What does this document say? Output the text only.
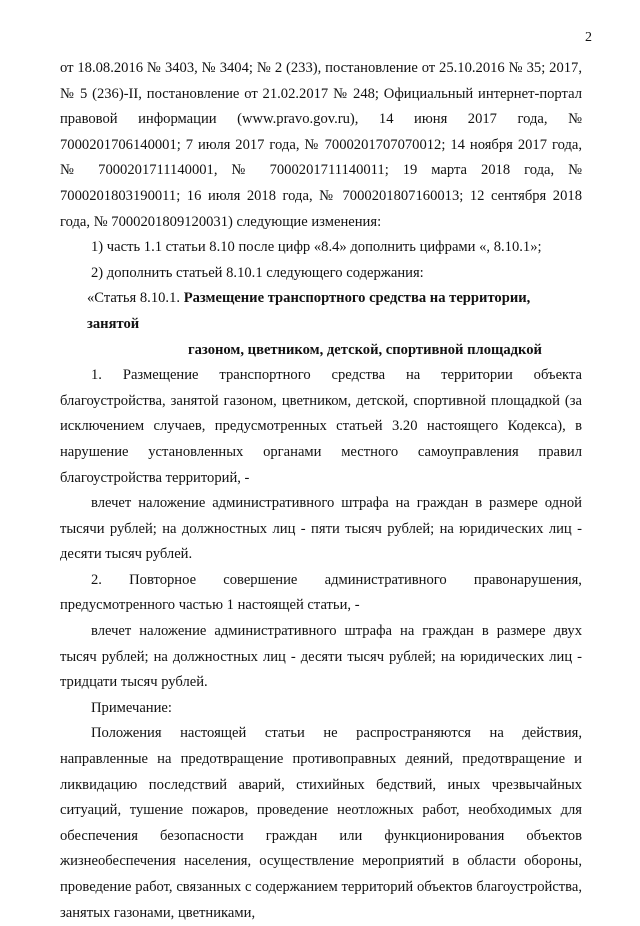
2

от 18.08.2016 № 3403, № 3404; № 2 (233), постановление от 25.10.2016 № 35; 2017, № 5 (236)-II, постановление от 21.02.2017 № 248; Официальный интернет-портал правовой информации (www.pravo.gov.ru), 14 июня 2017 года, № 7000201706140001; 7 июля 2017 года, № 7000201707070012; 14 ноября 2017 года, № 7000201711140001, № 7000201711140011; 19 марта 2018 года, № 7000201803190011; 16 июля 2018 года, № 7000201807160013; 12 сентября 2018 года, № 7000201809120031) следующие изменения:

1) часть 1.1 статьи 8.10 после цифр «8.4» дополнить цифрами «, 8.10.1»;

2) дополнить статьей 8.10.1 следующего содержания:

«Статья 8.10.1. Размещение транспортного средства на территории, занятой
газоном, цветником, детской, спортивной площадкой

1. Размещение транспортного средства на территории объекта благоустройства, занятой газоном, цветником, детской, спортивной площадкой (за исключением случаев, предусмотренных статьей 3.20 настоящего Кодекса), в нарушение установленных органами местного самоуправления правил благоустройства территорий, -

влечет наложение административного штрафа на граждан в размере одной тысячи рублей; на должностных лиц - пяти тысяч рублей; на юридических лиц - десяти тысяч рублей.

2. Повторное совершение административного правонарушения,

предусмотренного частью 1 настоящей статьи, -

влечет наложение административного штрафа на граждан в размере двух тысяч рублей; на должностных лиц - десяти тысяч рублей; на юридических лиц - тридцати тысяч рублей.

Примечание:

Положения настоящей статьи не распространяются на действия, направленные на предотвращение противоправных деяний, предотвращение и ликвидацию последствий аварий, стихийных бедствий, иных чрезвычайных ситуаций, тушение пожаров, проведение неотложных работ, необходимых для обеспечения безопасности граждан или функционирования объектов жизнеобеспечения населения, осуществление мероприятий в области обороны, проведение работ, связанных с содержанием территорий объектов благоустройства, занятых газонами, цветниками,
